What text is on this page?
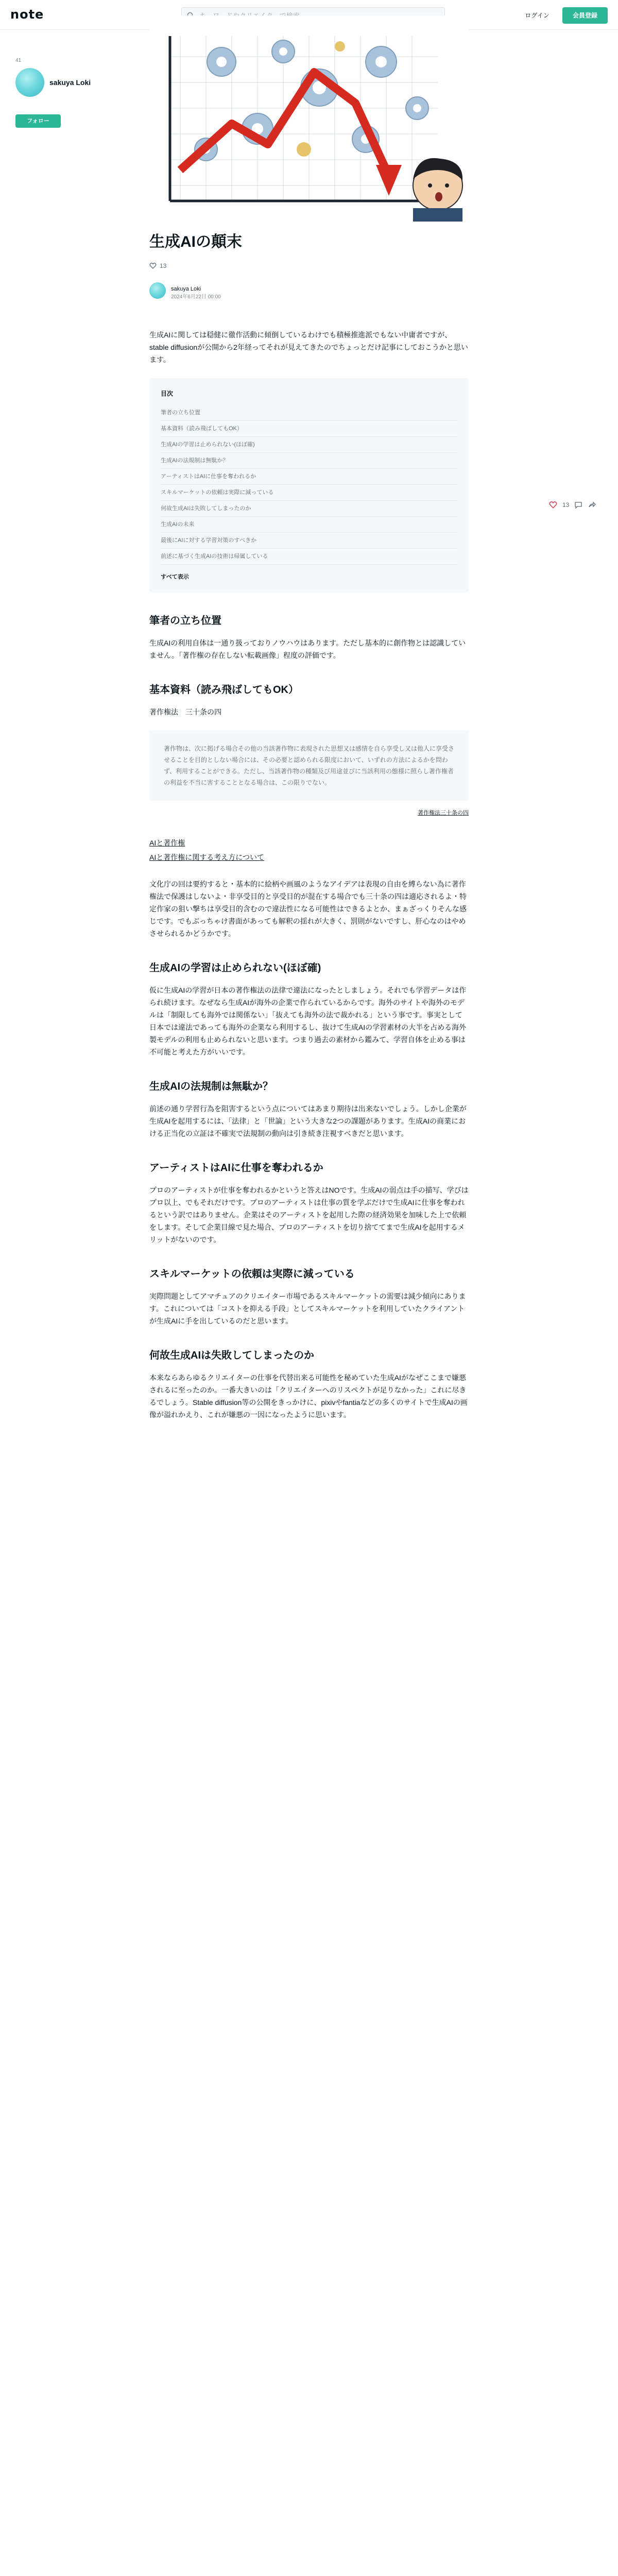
note
キーワードやクリエイターで検索	ログイン	会員登録
41
sakuya Loki
フォロー
生成AIの顛末
13
sakuya Loki
2024年6月22日 00:00

生成AIに関しては穏健に徹作活動に傾倒しているわけでも積極推進派でもない中庸者ですが、stable diffusionが公開から2年経ってそれが見えてきたのでちょっとだけ記事にしておこうかと思います。

目次
筆者の立ち位置
基本資料（読み飛ばしてもOK）
生成AIの学習は止められない(ほぼ確)
生成AIの法規制は無駄か？
アーティストはAIに仕事を奪われるか
スキルマーケットの依頼は実際に減っている
何故生成AIは失敗してしまったのか
生成AIの未来
最後にAIに対する学習対策のすべきか
前述に基づく生成AIの技術は帰属している
すべて表示
筆者の立ち位置

生成AIの利用自体は一通り扱っておりノウハウはあります。ただし基本的に創作物とは認識していません。「著作権の存在しない転載画像」程度の評価です。

基本資料（読み飛ばしてもOK）

著作権法　三十条の四

著作物は、次に掲げる場合その他の当該著作物に表現された思想又は感情を自ら享受し又は他人に享受させることを目的としない場合には、その必要と認められる限度において、いずれの方法によるかを問わず、利用することができる。ただし、当該著作物の種類及び用途並びに当該利用の態様に照らし著作権者の利益を不当に害することとなる場合は、この限りでない。
著作権法三十条の四
AIと著作権
AIと著作権に関する考え方について

文化庁の回は要約すると・基本的に絵柄や画風のようなアイデアは表現の自由を縛らない為に著作権法で保護はしないよ・非享受目的と享受目的が混在する場合でも三十条の四は適応されるよ・特定作家の狙い撃ちは享受目的含むので違法性になる可能性はできるよとか、まぁざっくりそんな感じです。でもぶっちゃけ書面があっても解釈の揺れが大きく、罰則がないですし、肝心なのはやめさせられるかどうかです。

生成AIの学習は止められない(ほぼ確)

仮に生成AIの学習が日本の著作権法の法律で違法になったとしましょう。それでも学習データは作られ続けます。なぜなら生成AIが海外の企業で作られているからです。海外のサイトや海外のモデルは「制限しても海外では関係ない」「抜えても海外の法で裁かれる」という事です。事実として日本では違法であっても海外の企業なら利用するし、抜けて生成AIの学習素材の大半を占める海外製モデルの利用も止められないと思います。つまり過去の素材から鑑みて、学習自体を止める事は不可能と考えた方がいいです。

生成AIの法規制は無駄か？

前述の通り学習行為を阻害するという点についてはあまり期待は出来ないでしょう。しかし企業が生成AIを起用するには、「法律」と「世論」という大きな2つの課題があります。生成AIの商業における正当化の立証は不確実で法規制の動向は引き続き注視すべきだと思います。

アーティストはAIに仕事を奪われるか

プロのアーティストが仕事を奪われるかというと答えはNOです。生成AIの弱点は手の描写、学びはプロ以上、でもそれだけです。プロのアーティストは仕事の質を学ぶだけで生成AIに仕事を奪われるという訳ではありません。企業はそのアーティストを起用した際の経済効果を加味した上で依頼をします。そして企業目線で見た場合、プロのアーティストを切り捨ててまで生成AIを起用するメリットがないのです。

スキルマーケットの依頼は実際に減っている

実際問題としてアマチュアのクリエイター市場であるスキルマーケットの需要は減少傾向にあります。これについては「コストを抑える手段」としてスキルマーケットを利用していたクライアントが生成AIに手を出しているのだと思います。

何故生成AIは失敗してしまったのか

本来ならあらゆるクリエイターの仕事を代替出来る可能性を秘めていた生成AIがなぜここまで嫌悪されるに至ったのか。一番大きいのは「クリエイターへのリスペクトが足りなかった」これに尽きるでしょう。Stable diffusion等の公開をきっかけに、pixivやfantiaなどの多くのサイトで生成AIの画像が溢れかえり、これが嫌悪の一因になったように思います。

13
